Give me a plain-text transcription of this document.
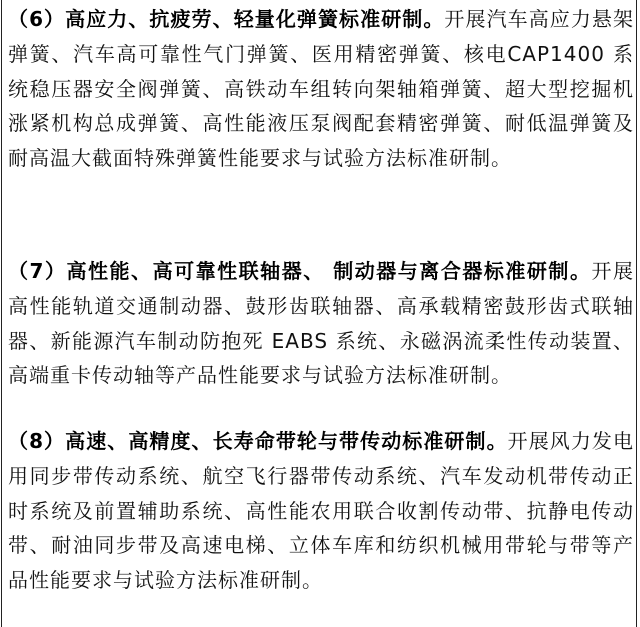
（6）高应力、抗疲劳、轻量化弹簧标准研制。开展汽车高应力悬架弹簧、汽车高可靠性气门弹簧、医用精密弹簧、核电CAP1400 系统稳压器安全阀弹簧、高铁动车组转向架轴箱弹簧、超大型挖掘机涨紧机构总成弹簧、高性能液压泵阀配套精密弹簧、耐低温弹簧及耐高温大截面特殊弹簧性能要求与试验方法标准研制。

（7）高性能、高可靠性联轴器、 制动器与离合器标准研制。开展高性能轨道交通制动器、鼓形齿联轴器、高承载精密鼓形齿式联轴器、新能源汽车制动防抱死 EABS 系统、永磁涡流柔性传动装置、高端重卡传动轴等产品性能要求与试验方法标准研制。

（8）高速、高精度、长寿命带轮与带传动标准研制。开展风力发电用同步带传动系统、航空飞行器带传动系统、汽车发动机带传动正时系统及前置辅助系统、高性能农用联合收割传动带、抗静电传动带、耐油同步带及高速电梯、立体车库和纺织机械用带轮与带等产品性能要求与试验方法标准研制。
